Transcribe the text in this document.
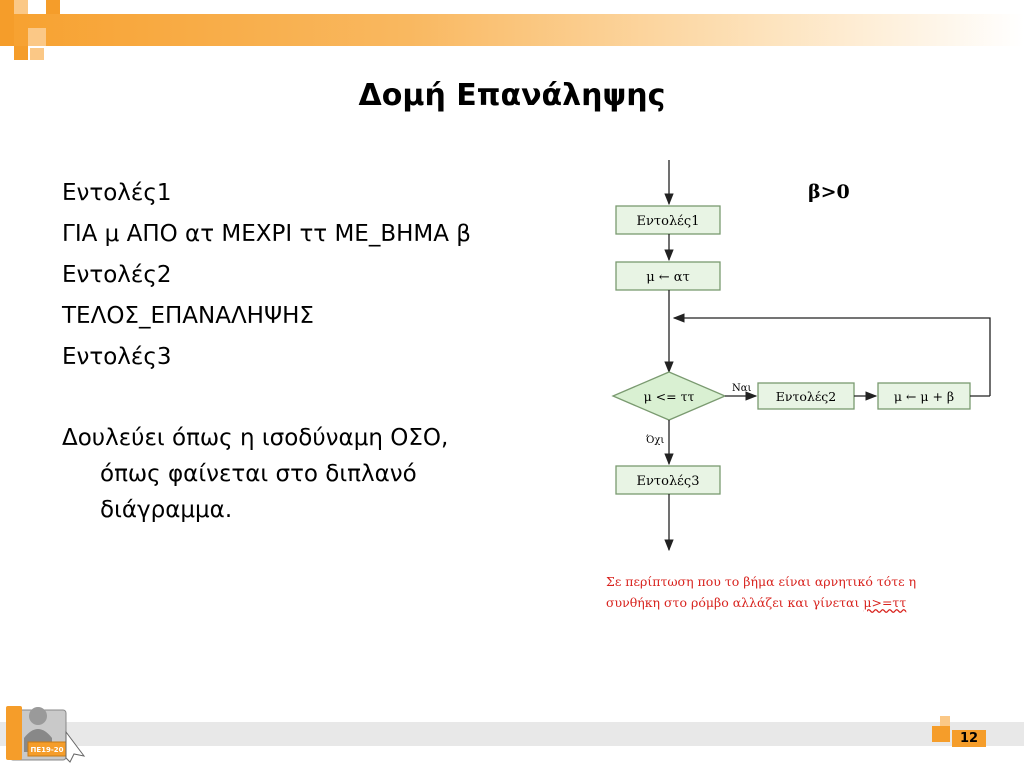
Δομή Επανάληψης
Εντολές1
ΓΙΑ μ ΑΠΟ ατ ΜΕΧΡΙ ττ ΜΕ_ΒΗΜΑ β
Εντολές2
ΤΕΛΟΣ_ΕΠΑΝΑΛΗΨΗΣ
Εντολές3
Δουλεύει όπως η ισοδύναμη ΟΣΟ,
όπως φαίνεται στο διπλανό
διάγραμμα.
β>0
Εντολές1
μ ← ατ
μ <= ττ
Ναι
Εντολές2	μ ← μ + β
Όχι
Εντολές3
Σε περίπτωση που το βήμα είναι αρνητικό τότε η
συνθήκη στο ρόμβο αλλάζει και γίνεται μ>=ττ
ΠΕ19-20
12
